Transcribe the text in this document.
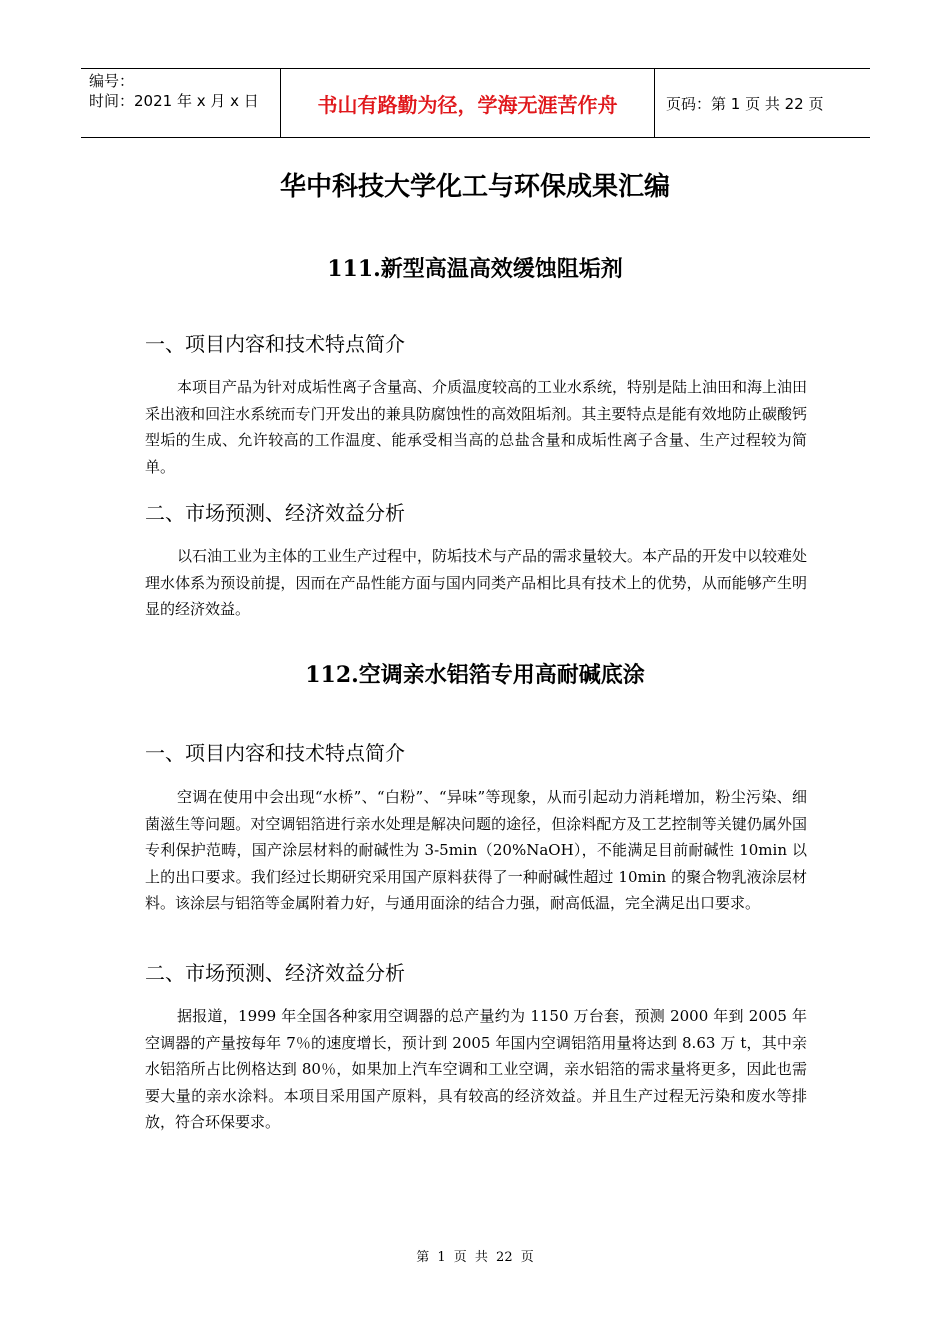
编号：
时间：2021 年 x 月 x 日	书山有路勤为径，学海无涯苦作舟	页码：第 1 页 共 22 页
华中科技大学化工与环保成果汇编
111.新型高温高效缓蚀阻垢剂
一、项目内容和技术特点简介
本项目产品为针对成垢性离子含量高、介质温度较高的工业水系统，特别是陆上油田和海上油田采出液和回注水系统而专门开发出的兼具防腐蚀性的高效阻垢剂。其主要特点是能有效地防止碳酸钙型垢的生成、允许较高的工作温度、能承受相当高的总盐含量和成垢性离子含量、生产过程较为简单。
二、市场预测、经济效益分析
以石油工业为主体的工业生产过程中，防垢技术与产品的需求量较大。本产品的开发中以较难处理水体系为预设前提，因而在产品性能方面与国内同类产品相比具有技术上的优势，从而能够产生明显的经济效益。
112.空调亲水铝箔专用高耐碱底涂
一、项目内容和技术特点简介
空调在使用中会出现“水桥”、“白粉”、“异味”等现象，从而引起动力消耗增加，粉尘污染、细菌滋生等问题。对空调铝箔进行亲水处理是解决问题的途径，但涂料配方及工艺控制等关键仍属外国专利保护范畴，国产涂层材料的耐碱性为 3-5min（20%NaOH），不能满足目前耐碱性 10min 以上的出口要求。我们经过长期研究采用国产原料获得了一种耐碱性超过 10min 的聚合物乳液涂层材料。该涂层与铝箔等金属附着力好，与通用面涂的结合力强，耐高低温，完全满足出口要求。
二、市场预测、经济效益分析
据报道，1999 年全国各种家用空调器的总产量约为 1150 万台套，预测 2000 年到 2005 年空调器的产量按每年 7％的速度增长，预计到 2005 年国内空调铝箔用量将达到 8.63 万 t，其中亲水铝箔所占比例格达到 80％，如果加上汽车空调和工业空调，亲水铝箔的需求量将更多，因此也需要大量的亲水涂料。本项目采用国产原料，具有较高的经济效益。并且生产过程无污染和废水等排放，符合环保要求。
第 1 页 共 22 页
